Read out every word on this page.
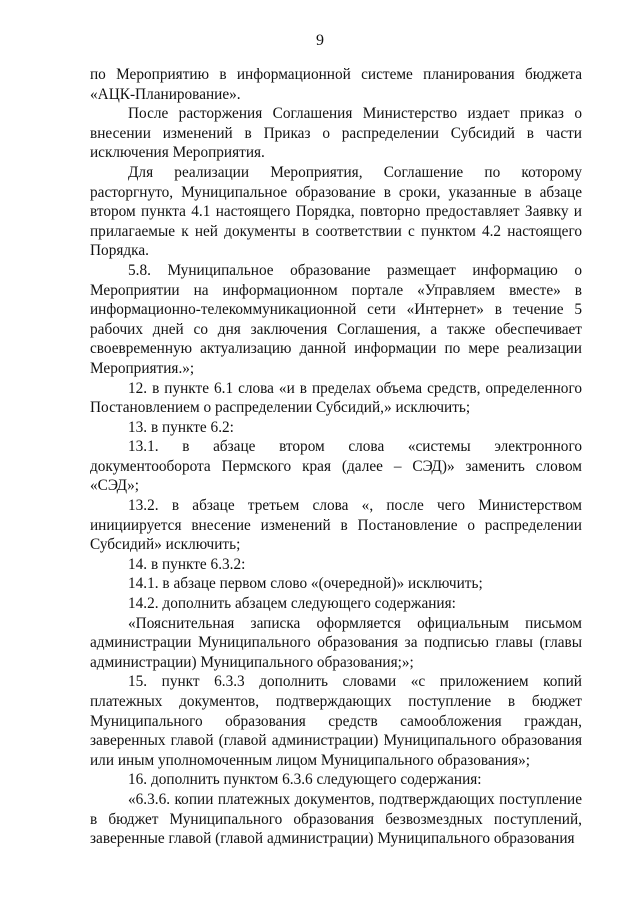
9

по Мероприятию в информационной системе планирования бюджета «АЦК-Планирование».

После расторжения Соглашения Министерство издает приказ о внесении изменений в Приказ о распределении Субсидий в части исключения Мероприятия.

Для реализации Мероприятия, Соглашение по которому расторгнуто, Муниципальное образование в сроки, указанные в абзаце втором пункта 4.1 настоящего Порядка, повторно предоставляет Заявку и прилагаемые к ней документы в соответствии с пунктом 4.2 настоящего Порядка.

5.8. Муниципальное образование размещает информацию о Мероприятии на информационном портале «Управляем вместе» в информационно-телекоммуникационной сети «Интернет» в течение 5 рабочих дней со дня заключения Соглашения, а также обеспечивает своевременную актуализацию данной информации по мере реализации Мероприятия.»;

12. в пункте 6.1 слова «и в пределах объема средств, определенного Постановлением о распределении Субсидий,» исключить;

13. в пункте 6.2:

13.1. в абзаце втором слова «системы электронного документооборота Пермского края (далее – СЭД)» заменить словом «СЭД»;

13.2. в абзаце третьем слова «, после чего Министерством инициируется внесение изменений в Постановление о распределении Субсидий» исключить;

14. в пункте 6.3.2:

14.1. в абзаце первом слово «(очередной)» исключить;

14.2. дополнить абзацем следующего содержания:

«Пояснительная записка оформляется официальным письмом администрации Муниципального образования за подписью главы (главы администрации) Муниципального образования;»;

15. пункт 6.3.3 дополнить словами «с приложением копий платежных документов, подтверждающих поступление в бюджет Муниципального образования средств самообложения граждан, заверенных главой (главой администрации) Муниципального образования или иным уполномоченным лицом Муниципального образования»;

16. дополнить пунктом 6.3.6 следующего содержания:

«6.3.6. копии платежных документов, подтверждающих поступление в бюджет Муниципального образования безвозмездных поступлений, заверенные главой (главой администрации) Муниципального образования
